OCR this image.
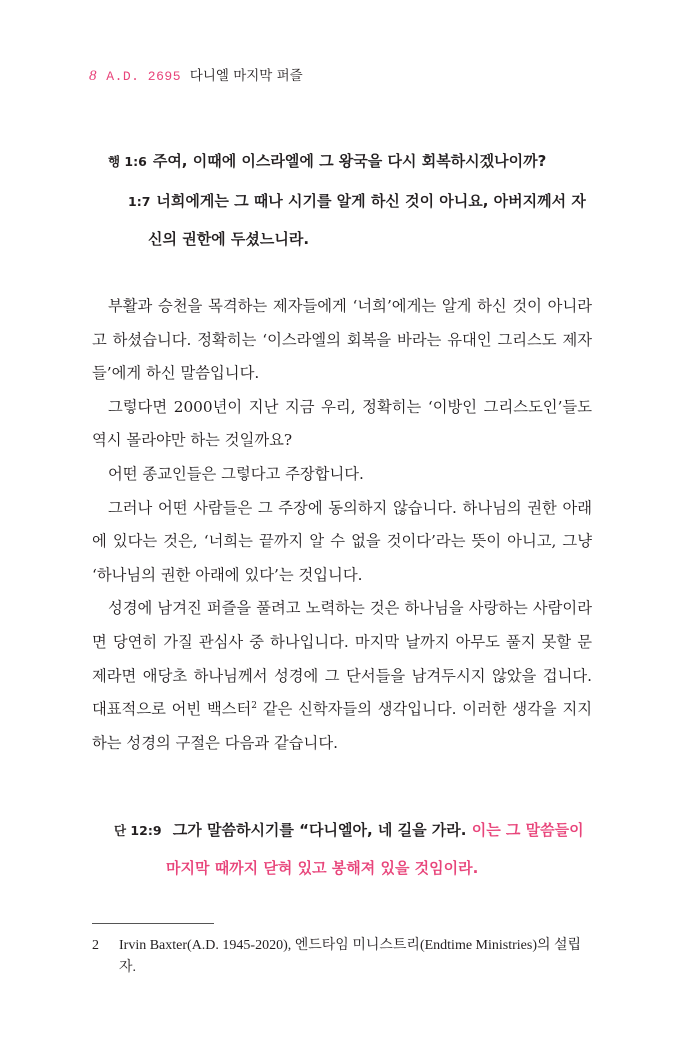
8 A.D. 2695 다니엘 마지막 퍼즐
행 1:6 주여, 이때에 이스라엘에 그 왕국을 다시 회복하시겠나이까?
1:7 너희에게는 그 때나 시기를 알게 하신 것이 아니요, 아버지께서 자
신의 권한에 두셨느니라.

부활과 승천을 목격하는 제자들에게 ‘너희’에게는 알게 하신 것이 아니라고 하셨습니다. 정확히는 ‘이스라엘의 회복을 바라는 유대인 그리스도 제자들’에게 하신 말씀입니다.

그렇다면 2000년이 지난 지금 우리, 정확히는 ‘이방인 그리스도인’들도 역시 몰라야만 하는 것일까요?

어떤 종교인들은 그렇다고 주장합니다.

그러나 어떤 사람들은 그 주장에 동의하지 않습니다. 하나님의 권한 아래에 있다는 것은, ‘너희는 끝까지 알 수 없을 것이다’라는 뜻이 아니고, 그냥 ‘하나님의 권한 아래에 있다’는 것입니다.

성경에 남겨진 퍼즐을 풀려고 노력하는 것은 하나님을 사랑하는 사람이라면 당연히 가질 관심사 중 하나입니다. 마지막 날까지 아무도 풀지 못할 문제라면 애당초 하나님께서 성경에 그 단서들을 남겨두시지 않았을 겁니다. 대표적으로 어빈 백스터$^2$ 같은 신학자들의 생각입니다. 이러한 생각을 지지하는 성경의 구절은 다음과 같습니다.

단 12:9 그가 말씀하시기를 “다니엘아, 네 길을 가라. 이는 그 말씀들이
마지막 때까지 닫혀 있고 봉해져 있을 것임이라.
2 Irvin Baxter(A.D. 1945-2020), 엔드타임 미니스트리(Endtime Ministries)의 설립자.
